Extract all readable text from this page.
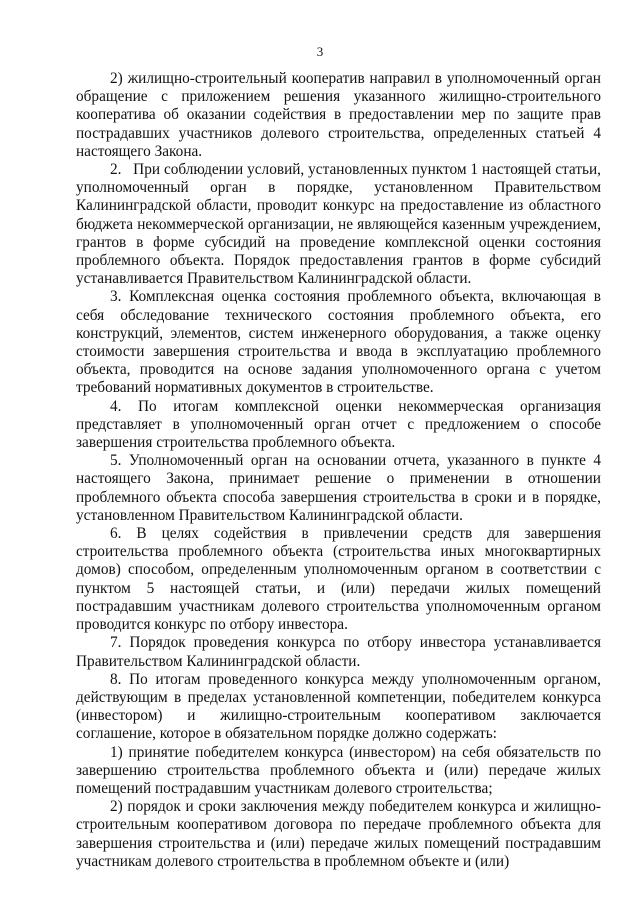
3

2) жилищно-строительный кооператив направил в уполномоченный орган обращение с приложением решения указанного жилищно-строительного кооператива об оказании содействия в предоставлении мер по защите прав пострадавших участников долевого строительства, определенных статьей 4 настоящего Закона.

2.   При соблюдении условий, установленных пунктом 1 настоящей статьи, уполномоченный орган в порядке, установленном Правительством Калининградской области, проводит конкурс на предоставление из областного бюджета некоммерческой организации, не являющейся казенным учреждением, грантов в форме субсидий на проведение комплексной оценки состояния проблемного объекта. Порядок предоставления грантов в форме субсидий устанавливается Правительством Калининградской области.

3. Комплексная оценка состояния проблемного объекта, включающая в себя обследование технического состояния проблемного объекта, его конструкций, элементов, систем инженерного оборудования, а также оценку стоимости завершения строительства и ввода в эксплуатацию проблемного объекта, проводится на основе задания уполномоченного органа с учетом требований нормативных документов в строительстве.

4. По итогам комплексной оценки некоммерческая организация представляет в уполномоченный орган отчет с предложением о способе завершения строительства проблемного объекта.

5. Уполномоченный орган на основании отчета, указанного в пункте 4 настоящего Закона, принимает решение о применении в отношении проблемного объекта способа завершения строительства в сроки и в порядке, установленном Правительством Калининградской области.

6. В целях содействия в привлечении средств для завершения строительства проблемного объекта (строительства иных многоквартирных домов) способом, определенным уполномоченным органом в соответствии с пунктом 5 настоящей статьи, и (или) передачи жилых помещений пострадавшим участникам долевого строительства уполномоченным органом проводится конкурс по отбору инвестора.

7. Порядок проведения конкурса по отбору инвестора устанавливается Правительством Калининградской области.

8. По итогам проведенного конкурса между уполномоченным органом, действующим в пределах установленной компетенции, победителем конкурса (инвестором) и жилищно-строительным кооперативом заключается соглашение, которое в обязательном порядке должно содержать:

1) принятие победителем конкурса (инвестором) на себя обязательств по завершению строительства проблемного объекта и (или) передаче жилых помещений пострадавшим участникам долевого строительства;

2) порядок и сроки заключения между победителем конкурса и жилищно-строительным кооперативом договора по передаче проблемного объекта для завершения строительства и (или) передаче жилых помещений пострадавшим участникам долевого строительства в проблемном объекте и (или)
